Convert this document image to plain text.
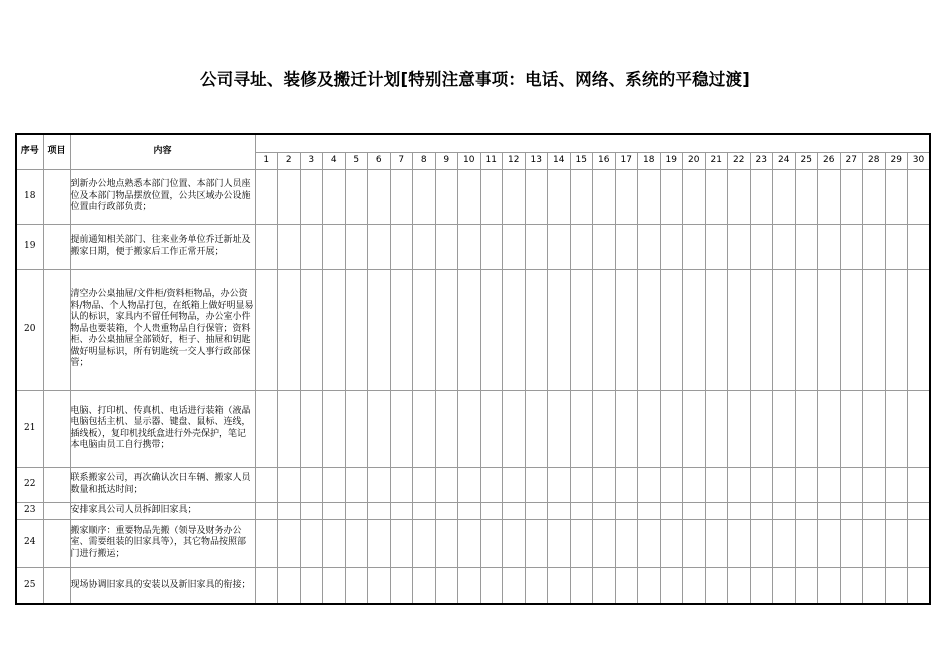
公司寻址、装修及搬迁计划[特别注意事项：电话、网络、系统的平稳过渡]
序号	项目	内容																														
			1	2	3	4	5	6	7	8	9	10	11	12	13	14	15	16	17	18	19	20	21	22	23	24	25	26	27	28	29	30
18		到新办公地点熟悉本部门位置、本部门人员座位及本部门物品摆放位置，公共区域办公设施位置由行政部负责；																														
19		提前通知相关部门、往来业务单位乔迁新址及搬家日期，便于搬家后工作正常开展；																														
20		清空办公桌抽屉/文件柜/资料柜物品，办公资料/物品、个人物品打包，在纸箱上做好明显易认的标识，家具内不留任何物品，办公室小件物品也要装箱，个人贵重物品自行保管；资料柜、办公桌抽屉全部锁好，柜子、抽屉和钥匙做好明显标识，所有钥匙统一交人事行政部保管；																														
21		电脑、打印机、传真机、电话进行装箱（液晶电脑包括主机、显示器、键盘、鼠标、连线，插线板），复印机找纸盒进行外壳保护，笔记本电脑由员工自行携带；																														
22		联系搬家公司，再次确认次日车辆、搬家人员数量和抵达时间；																														
23		安排家具公司人员拆卸旧家具；																														
24		搬家顺序：重要物品先搬（领导及财务办公室、需要组装的旧家具等），其它物品按照部门进行搬运；																														
25		现场协调旧家具的安装以及新旧家具的衔接；																														
